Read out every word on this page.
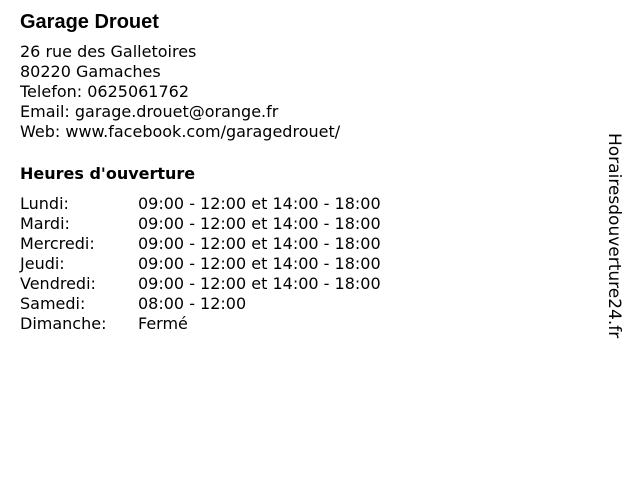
Garage Drouet
26 rue des Galletoires
80220 Gamaches
Telefon: 0625061762
Email: garage.drouet@orange.fr
Web: www.facebook.com/garagedrouet/
Heures d'ouverture
Lundi:	09:00 - 12:00 et 14:00 - 18:00
Mardi:	09:00 - 12:00 et 14:00 - 18:00
Mercredi:	09:00 - 12:00 et 14:00 - 18:00
Jeudi:	09:00 - 12:00 et 14:00 - 18:00
Vendredi:	09:00 - 12:00 et 14:00 - 18:00
Samedi:	08:00 - 12:00
Dimanche: Fermé	Horairesdouverture24.fr
